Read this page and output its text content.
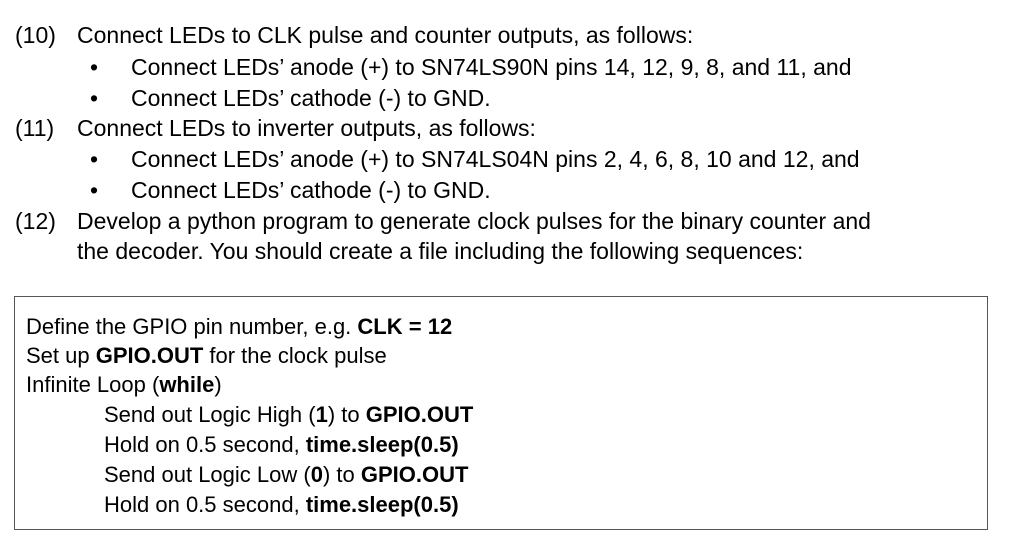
(10) Connect LEDs to CLK pulse and counter outputs, as follows:
• Connect LEDs’ anode (+) to SN74LS90N pins 14, 12, 9, 8, and 11, and
• Connect LEDs’ cathode (-) to GND.
(11) Connect LEDs to inverter outputs, as follows:
• Connect LEDs’ anode (+) to SN74LS04N pins 2, 4, 6, 8, 10 and 12, and
• Connect LEDs’ cathode (-) to GND.
(12) Develop a python program to generate clock pulses for the binary counter and
the decoder. You should create a file including the following sequences:
Define the GPIO pin number, e.g. CLK = 12
Set up GPIO.OUT for the clock pulse
Infinite Loop (while)
Send out Logic High (1) to GPIO.OUT
Hold on 0.5 second, time.sleep(0.5)
Send out Logic Low (0) to GPIO.OUT
Hold on 0.5 second, time.sleep(0.5)
